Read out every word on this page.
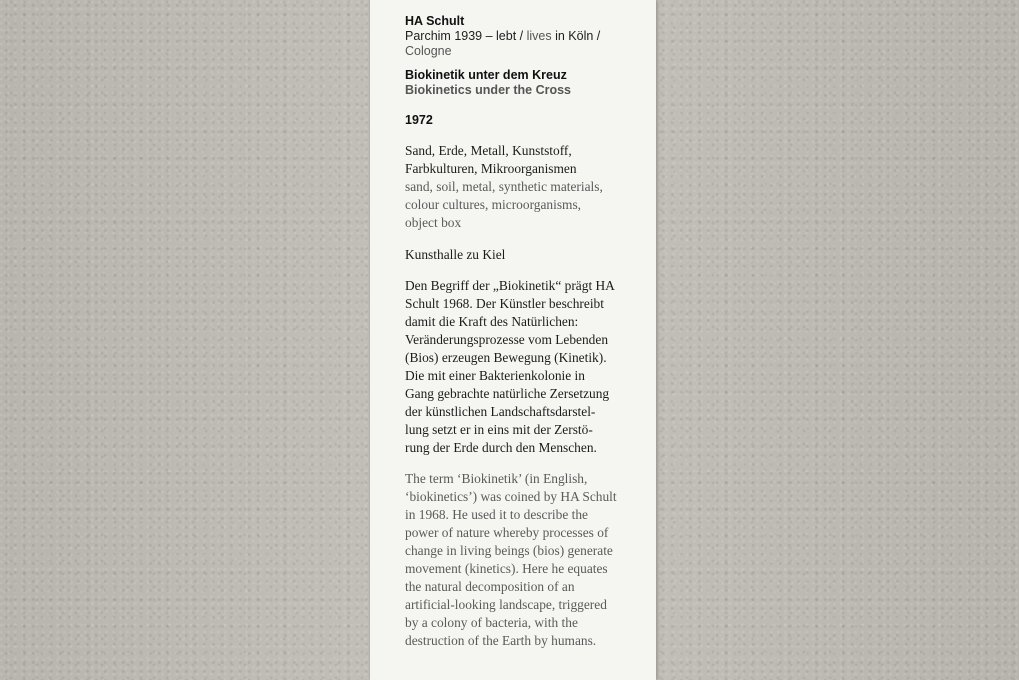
HA Schult
Parchim 1939 – lebt / lives in Köln /
Cologne
Biokinetik unter dem Kreuz
Biokinetics under the Cross
1972
Sand, Erde, Metall, Kunststoff,
Farbkulturen, Mikroorganismen
sand, soil, metal, synthetic materials,
colour cultures, microorganisms,
object box
Kunsthalle zu Kiel
Den Begriff der „Biokinetik“ prägt HA
Schult 1968. Der Künstler beschreibt
damit die Kraft des Natürlichen:
Veränderungsprozesse vom Lebenden
(Bios) erzeugen Bewegung (Kinetik).
Die mit einer Bakterienkolonie in
Gang gebrachte natürliche Zersetzung
der künstlichen Landschaftsdarstel-
lung setzt er in eins mit der Zerstö-
rung der Erde durch den Menschen.
The term ‘Biokinetik’ (in English,
‘biokinetics’) was coined by HA Schult
in 1968. He used it to describe the
power of nature whereby processes of
change in living beings (bios) generate
movement (kinetics). Here he equates
the natural decomposition of an
artificial-looking landscape, triggered
by a colony of bacteria, with the
destruction of the Earth by humans.
